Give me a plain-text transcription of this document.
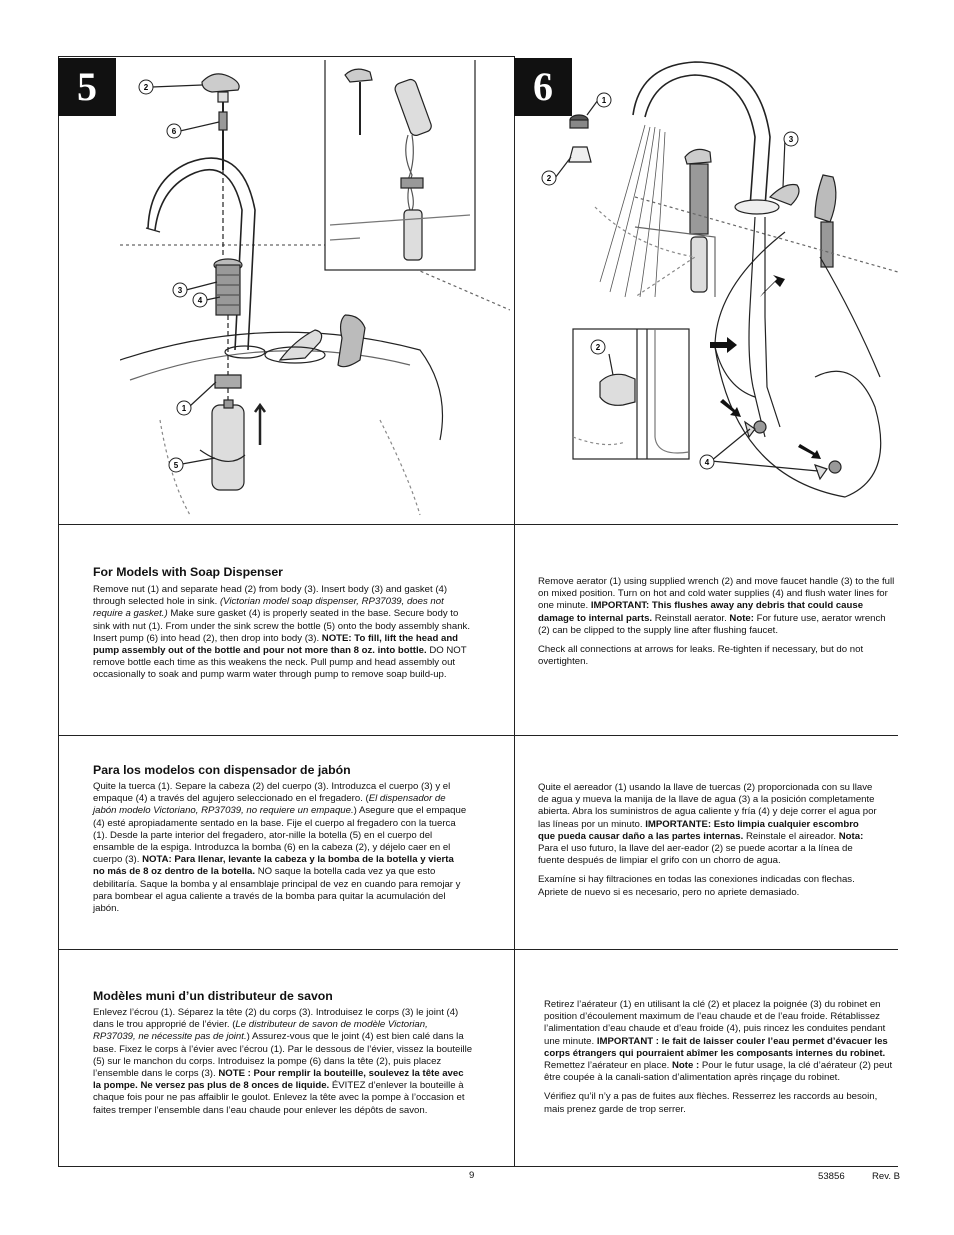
5	6
2
6
3
4
1
5
1
2
3
2
4
For Models with Soap Dispenser
Remove nut (1) and separate head (2) from body (3). Insert body (3) and gasket (4) through selected hole in sink. (Victorian model soap dispenser, RP37039, does not require a gasket.) Make sure gasket (4) is properly seated in the base. Secure body to sink with nut (1). From under the sink screw the bottle (5) onto the body assembly shank. Insert pump (6) into head (2), then drop into body (3). NOTE: To fill, lift the head and pump assembly out of the bottle and pour not more than 8 oz. into bottle. DO NOT remove bottle each time as this weakens the neck. Pull pump and head assembly out occasionally to soak and pump warm water through pump to remove soap build-up.

Remove aerator (1) using supplied wrench (2) and move faucet handle (3) to the full on mixed position. Turn on hot and cold water supplies (4) and flush water lines for one minute. IMPORTANT: This flushes away any debris that could cause damage to internal parts. Reinstall aerator. Note: For future use, aerator wrench (2) can be clipped to the supply line after flushing faucet.

Check all connections at arrows for leaks. Re-tighten if necessary, but do not overtighten.

Para los modelos con dispensador de jabón
Quite la tuerca (1). Separe la cabeza (2) del cuerpo (3). Introduzca el cuerpo (3) y el empaque (4) a través del agujero seleccionado en el fregadero. (El dispensador de jabón modelo Victoriano, RP37039, no requiere un empaque.) Asegure que el empaque (4) esté apropiadamente sentado en la base. Fije el cuerpo al fregadero con la tuerca (1). Desde la parte interior del fregadero, ator-nille la botella (5) en el cuerpo del ensamble de la espiga. Introduzca la bomba (6) en la cabeza (2), y déjelo caer en el cuerpo (3). NOTA: Para llenar, levante la cabeza y la bomba de la botella y vierta no más de 8 oz dentro de la botella. NO saque la botella cada vez ya que esto debilitaría. Saque la bomba y al ensamblaje principal de vez en cuando para remojar y para bombear el agua caliente a través de la bomba para quitar la acumulación del jabón.

Quite el aereador (1) usando la llave de tuercas (2) proporcionada con su llave de agua y mueva la manija de la llave de agua (3) a la posición completamente abierta. Abra los suministros de agua caliente y fría (4) y deje correr el agua por las líneas por un minuto. IMPORTANTE: Esto limpia cualquier escombro que pueda causar daño a las partes internas. Reinstale el aireador. Nota: Para el uso futuro, la llave del aer-eador (2) se puede acortar a la línea de fuente después de limpiar el grifo con un chorro de agua.

Examíne si hay filtraciones en todas las conexiones indicadas con flechas. Apriete de nuevo si es necesario, pero no apriete demasiado.

Modèles muni d’un distributeur de savon
Enlevez l’écrou (1). Séparez la tête (2) du corps (3). Introduisez le corps (3) le joint (4) dans le trou approprié de l’évier. (Le distributeur de savon de modèle Victorian, RP37039, ne nécessite pas de joint.) Assurez-vous que le joint (4) est bien calé dans la base. Fixez le corps à l’évier avec l’écrou (1). Par le dessous de l’évier, vissez la bouteille (5) sur le manchon du corps. Introduisez la pompe (6) dans la tête (2), puis placez l’ensemble dans le corps (3). NOTE : Pour remplir la bouteille, soulevez la tête avec la pompe. Ne versez pas plus de 8 onces de liquide. ÉVITEZ d’enlever la bouteille à chaque fois pour ne pas affaiblir le goulot. Enlevez la tête avec la pompe à l’occasion et faites tremper l’ensemble dans l’eau chaude pour enlever les dépôts de savon.

Retirez l’aérateur (1) en utilisant la clé (2) et placez la poignée (3) du robinet en position d’écoulement maximum de l’eau chaude et de l’eau froide. Rétablissez l’alimentation d’eau chaude et d’eau froide (4), puis rincez les conduites pendant une minute. IMPORTANT : le fait de laisser couler l’eau permet d’évacuer les corps étrangers qui pourraient abîmer les composants internes du robinet. Remettez l’aérateur en place. Note : Pour le futur usage, la clé d’aérateur (2) peut être coupée à la canali-sation d’alimentation après rinçage du robinet.

Vérifiez qu’il n’y a pas de fuites aux flèches. Resserrez les raccords au besoin, mais prenez garde de trop serrer.

9	53856	Rev. B
